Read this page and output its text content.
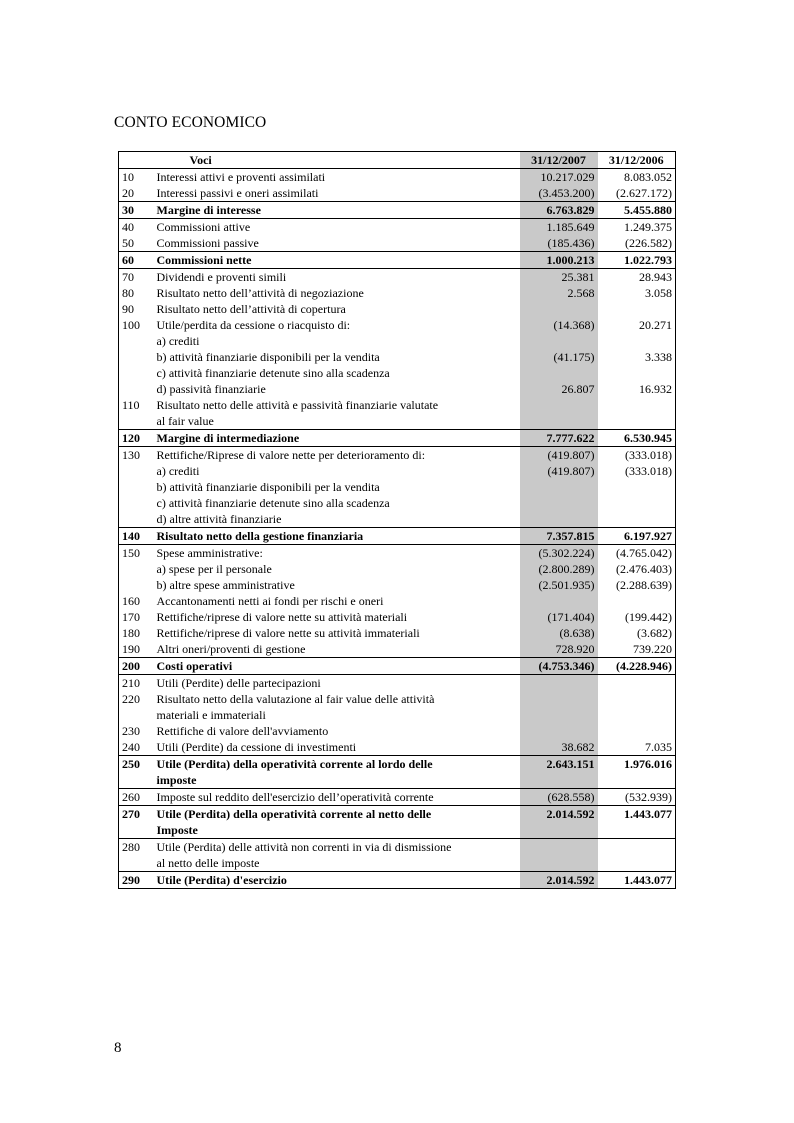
CONTO ECONOMICO
	Voci	31/12/2007	31/12/2006
10	Interessi attivi e proventi assimilati	10.217.029	8.083.052
20	Interessi passivi e oneri assimilati	(3.453.200)	(2.627.172)
30	Margine di interesse	6.763.829	5.455.880
40	Commissioni attive	1.185.649	1.249.375
50	Commissioni passive	(185.436)	(226.582)
60	Commissioni nette	1.000.213	1.022.793
70	Dividendi e proventi simili	25.381	28.943
80	Risultato netto dell’attività di negoziazione	2.568	3.058
90	Risultato netto dell’attività di copertura		
100	Utile/perdita da cessione o riacquisto di:	(14.368)	20.271
	a) crediti		
	b) attività finanziarie disponibili per la vendita	(41.175)	3.338
	c) attività finanziarie detenute sino alla scadenza		
	d) passività finanziarie	26.807	16.932
110	Risultato netto delle attività e passività finanziarie valutate		
	al fair value		
120	Margine di intermediazione	7.777.622	6.530.945
130	Rettifiche/Riprese di valore nette per deterioramento di:	(419.807)	(333.018)
	a) crediti	(419.807)	(333.018)
	b) attività finanziarie disponibili per la vendita		
	c) attività finanziarie detenute sino alla scadenza		
	d) altre attività finanziarie		
140	Risultato netto della gestione finanziaria	7.357.815	6.197.927
150	Spese amministrative:	(5.302.224)	(4.765.042)
	a) spese per il personale	(2.800.289)	(2.476.403)
	b) altre spese amministrative	(2.501.935)	(2.288.639)
160	Accantonamenti netti ai fondi per rischi e oneri		
170	Rettifiche/riprese di valore nette su attività materiali	(171.404)	(199.442)
180	Rettifiche/riprese di valore nette su attività immateriali	(8.638)	(3.682)
190	Altri oneri/proventi di gestione	728.920	739.220
200	Costi operativi	(4.753.346)	(4.228.946)
210	Utili (Perdite) delle partecipazioni		
220	Risultato netto della valutazione al fair value delle attività		
	materiali e immateriali		
230	Rettifiche di valore dell'avviamento		
240	Utili (Perdite) da cessione di investimenti	38.682	7.035
250	Utile (Perdita) della operatività corrente al lordo delle	2.643.151	1.976.016
	imposte		
260	Imposte sul reddito dell'esercizio dell’operatività corrente	(628.558)	(532.939)
270	Utile (Perdita) della operatività corrente al netto delle	2.014.592	1.443.077
	Imposte		
280	Utile (Perdita) delle attività non correnti in via di dismissione		
	al netto delle imposte		
290	Utile (Perdita) d'esercizio	2.014.592	1.443.077
8
